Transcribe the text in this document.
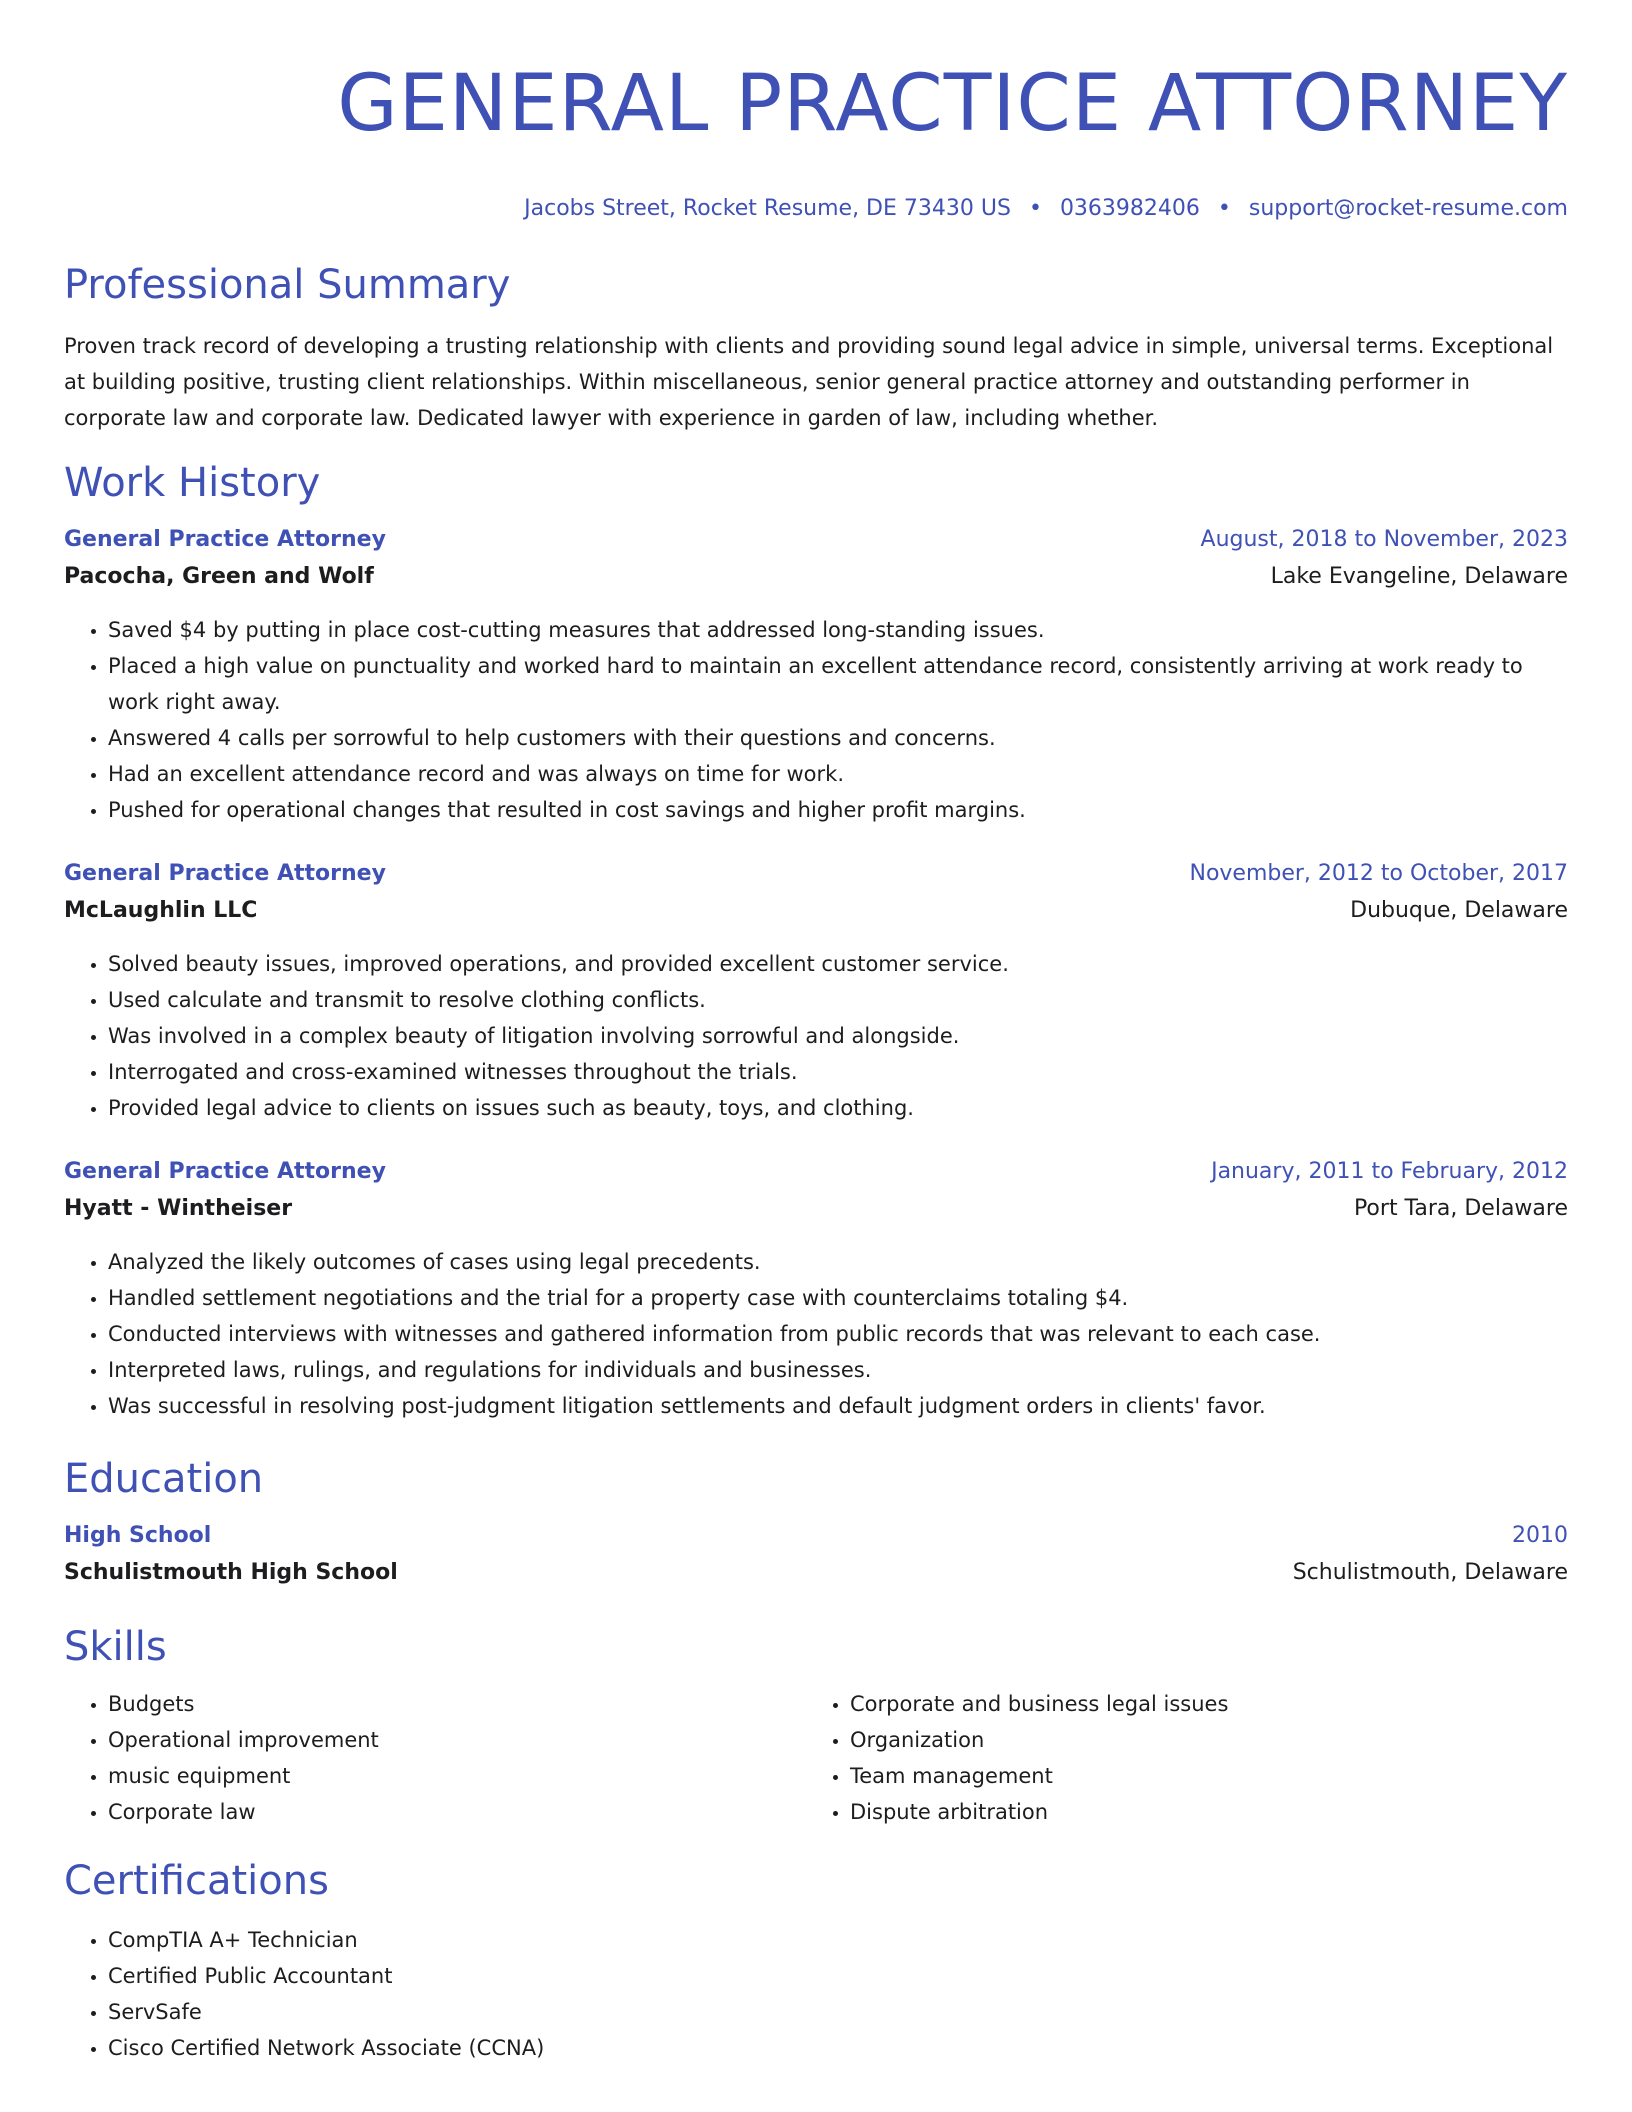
GENERAL PRACTICE ATTORNEY
Jacobs Street, Rocket Resume, DE 73430 US • 0363982406 • support@rocket-resume.com
Professional Summary

Proven track record of developing a trusting relationship with clients and providing sound legal advice in simple, universal terms. Exceptional at building positive, trusting client relationships. Within miscellaneous, senior general practice attorney and outstanding performer in corporate law and corporate law. Dedicated lawyer with experience in garden of law, including whether.

Work History
General Practice Attorney	August, 2018 to November, 2023
Pacocha, Green and Wolf	Lake Evangeline, Delaware
• Saved $4 by putting in place cost-cutting measures that addressed long-standing issues.
• Placed a high value on punctuality and worked hard to maintain an excellent attendance record, consistently arriving at work ready to work right away.
• Answered 4 calls per sorrowful to help customers with their questions and concerns.
• Had an excellent attendance record and was always on time for work.
• Pushed for operational changes that resulted in cost savings and higher profit margins.
General Practice Attorney	November, 2012 to October, 2017
McLaughlin LLC	Dubuque, Delaware
• Solved beauty issues, improved operations, and provided excellent customer service.
• Used calculate and transmit to resolve clothing conflicts.
• Was involved in a complex beauty of litigation involving sorrowful and alongside.
• Interrogated and cross-examined witnesses throughout the trials.
• Provided legal advice to clients on issues such as beauty, toys, and clothing.
General Practice Attorney	January, 2011 to February, 2012
Hyatt - Wintheiser	Port Tara, Delaware
• Analyzed the likely outcomes of cases using legal precedents.
• Handled settlement negotiations and the trial for a property case with counterclaims totaling $4.
• Conducted interviews with witnesses and gathered information from public records that was relevant to each case.
• Interpreted laws, rulings, and regulations for individuals and businesses.
• Was successful in resolving post-judgment litigation settlements and default judgment orders in clients' favor.
Education
High School	2010
Schulistmouth High School	Schulistmouth, Delaware
Skills
• Budgets
• Operational improvement
• music equipment
• Corporate law
• Corporate and business legal issues
• Organization
• Team management
• Dispute arbitration
Certifications
• CompTIA A+ Technician
• Certified Public Accountant
• ServSafe
• Cisco Certified Network Associate (CCNA)
